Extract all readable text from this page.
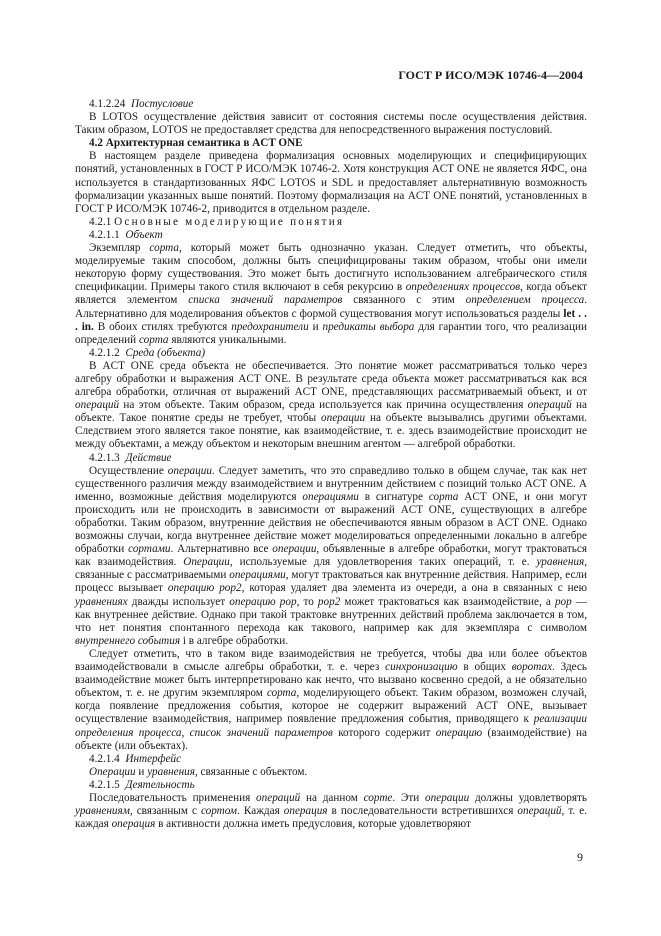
ГОСТ Р ИСО/МЭК 10746-4—2004

4.1.2.24 Постусловие

В LOTOS осуществление действия зависит от состояния системы после осуществления действия. Таким образом, LOTOS не предоставляет средства для непосредственного выражения постусловий.

4.2 Архитектурная семантика в ACT ONE

В настоящем разделе приведена формализация основных моделирующих и специфицирующих понятий, установленных в ГОСТ Р ИСО/МЭК 10746-2. Хотя конструкция ACT ONE не является ЯФС, она используется в стандартизованных ЯФС LOTOS и SDL и предоставляет альтернативную возможность формализации указанных выше понятий. Поэтому формализация на ACT ONE понятий, установленных в ГОСТ Р ИСО/МЭК 10746-2, приводится в отдельном разделе.

4.2.1 Основные моделирующие понятия

4.2.1.1 Объект

Экземпляр сорта, который может быть однозначно указан. Следует отметить, что объекты, моделируемые таким способом, должны быть специфицированы таким образом, чтобы они имели некоторую форму существования. Это может быть достигнуто использованием алгебраического стиля спецификации. Примеры такого стиля включают в себя рекурсию в определениях процессов, когда объект является элементом списка значений параметров связанного с этим определением процесса. Альтернативно для моделирования объектов с формой существования могут использоваться разделы let . . . in. В обоих стилях требуются предохранители и предикаты выбора для гарантии того, что реализации определений сорта являются уникальными.

4.2.1.2 Среда (объекта)

В ACT ONE среда объекта не обеспечивается. Это понятие может рассматриваться только через алгебру обработки и выражения ACT ONE. В результате среда объекта может рассматриваться как вся алгебра обработки, отличная от выражений ACT ONE, представляющих рассматриваемый объект, и от операций на этом объекте. Таким образом, среда используется как причина осуществления операций на объекте. Такое понятие среды не требует, чтобы операции на объекте вызывались другими объектами. Следствием этого является такое понятие, как взаимодействие, т. е. здесь взаимодействие происходит не между объектами, а между объектом и некоторым внешним агентом — алгеброй обработки.

4.2.1.3 Действие

Осуществление операции. Следует заметить, что это справедливо только в общем случае, так как нет существенного различия между взаимодействием и внутренним действием с позиций только ACT ONE. А именно, возможные действия моделируются операциями в сигнатуре сорта ACT ONE, и они могут происходить или не происходить в зависимости от выражений ACT ONE, существующих в алгебре обработки. Таким образом, внутренние действия не обеспечиваются явным образом в ACT ONE. Однако возможны случаи, когда внутреннее действие может моделироваться определенными локально в алгебре обработки сортами. Альтернативно все операции, объявленные в алгебре обработки, могут трактоваться как взаимодействия. Операции, используемые для удовлетворения таких операций, т. е. уравнения, связанные с рассматриваемыми операциями, могут трактоваться как внутренние действия. Например, если процесс вызывает операцию pop2, которая удаляет два элемента из очереди, а она в связанных с нею уравнениях дважды использует операцию pop, то pop2 может трактоваться как взаимодействие, а pop — как внутреннее действие. Однако при такой трактовке внутренних действий проблема заключается в том, что нет понятия спонтанного перехода как такового, например как для экземпляра с символом внутреннего события i в алгебре обработки.

Следует отметить, что в таком виде взаимодействия не требуется, чтобы два или более объектов взаимодействовали в смысле алгебры обработки, т. е. через синхронизацию в общих воротах. Здесь взаимодействие может быть интерпретировано как нечто, что вызвано косвенно средой, а не обязательно объектом, т. е. не другим экземпляром сорта, моделирующего объект. Таким образом, возможен случай, когда появление предложения события, которое не содержит выражений ACT ONE, вызывает осуществление взаимодействия, например появление предложения события, приводящего к реализации определения процесса, список значений параметров которого содержит операцию (взаимодействие) на объекте (или объектах).

4.2.1.4 Интерфейс

Операции и уравнения, связанные с объектом.

4.2.1.5 Деятельность

Последовательность применения операций на данном сорте. Эти операции должны удовлетворять уравнениям, связанным с сортом. Каждая операция в последовательности встретившихся операций, т. е. каждая операция в активности должна иметь предусловия, которые удовлетворяют

9
